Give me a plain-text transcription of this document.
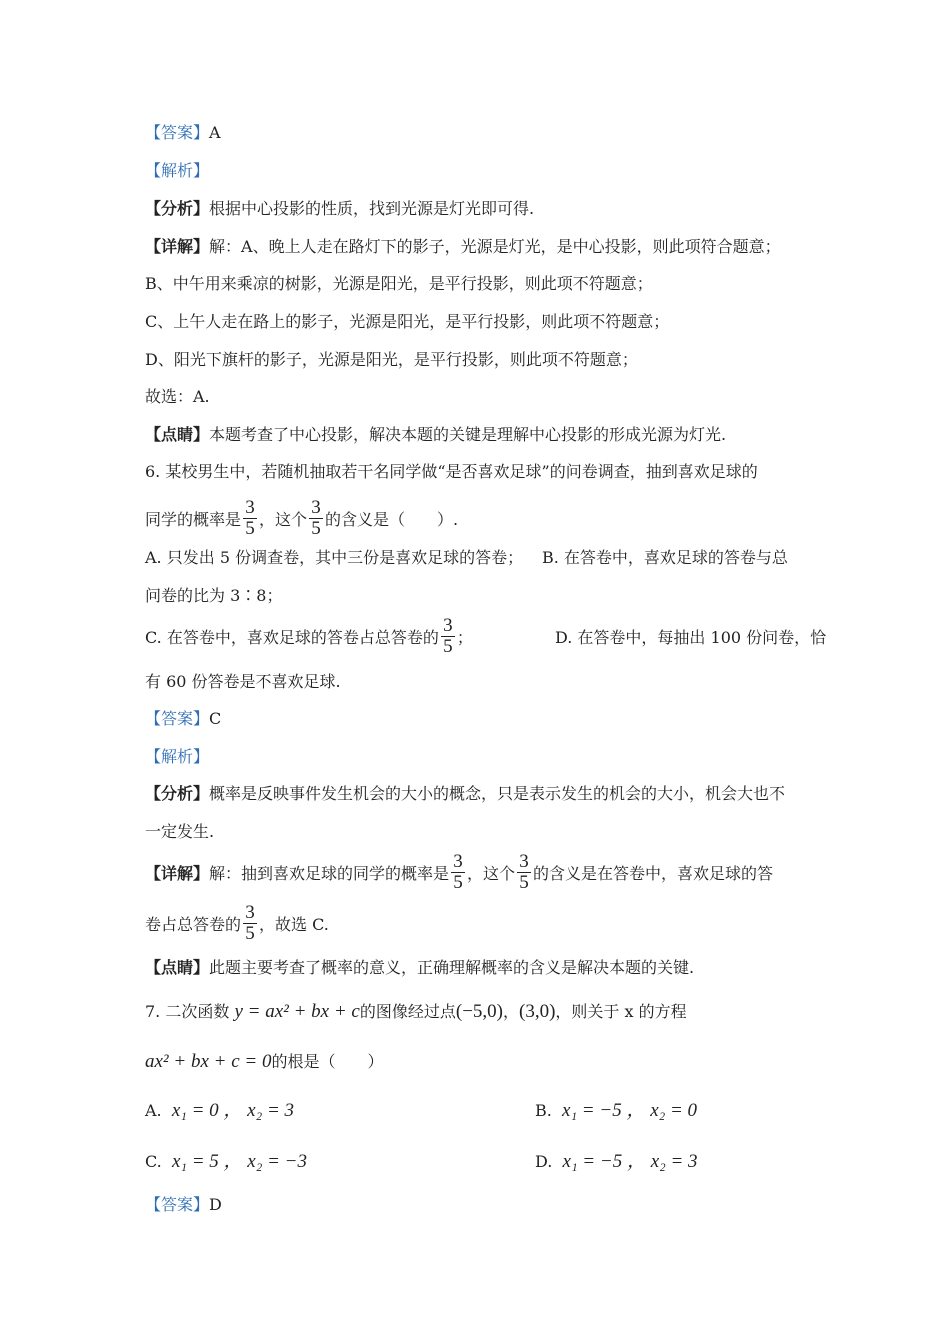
【答案】A
【解析】
【分析】根据中心投影的性质，找到光源是灯光即可得.
【详解】解：A、晚上人走在路灯下的影子，光源是灯光，是中心投影，则此项符合题意；
B、中午用来乘凉的树影，光源是阳光，是平行投影，则此项不符题意；
C、上午人走在路上的影子，光源是阳光，是平行投影，则此项不符题意；
D、阳光下旗杆的影子，光源是阳光，是平行投影，则此项不符题意；
故选：A.
【点睛】本题考查了中心投影，解决本题的关键是理解中心投影的形成光源为灯光.
6. 某校男生中，若随机抽取若干名同学做“是否喜欢足球”的问卷调查，抽到喜欢足球的
同学的概率是 $\frac{3}{5}$ ，这个 $\frac{3}{5}$ 的含义是（　　）.
A. 只发出 5 份调查卷，其中三份是喜欢足球的答卷； B. 在答卷中，喜欢足球的答卷与总
问卷的比为 3∶8；
C. 在答卷中，喜欢足球的答卷占总答卷的 $\frac{3}{5}$ ；	D. 在答卷中，每抽出 100 份问卷，恰
有 60 份答卷是不喜欢足球.
【答案】C
【解析】
【分析】概率是反映事件发生机会的大小的概念，只是表示发生的机会的大小，机会大也不
一定发生.
【详解】解：抽到喜欢足球的同学的概率是 $\frac{3}{5}$ ，这个 $\frac{3}{5}$ 的含义是在答卷中，喜欢足球的答
卷占总答卷的 $\frac{3}{5}$ ，故选 C.
【点睛】此题主要考查了概率的意义，正确理解概率的含义是解决本题的关键.
7. 二次函数 y = ax² + bx + c的图像经过点(−5,0)，(3,0)，则关于 x 的方程
ax² + bx + c = 0的根是（　　）
A. x₁ = 0 ， x₂ = 3	B. x₁ = −5 ， x₂ = 0
C. x₁ = 5 ， x₂ = −3	D. x₁ = −5 ， x₂ = 3
【答案】D
